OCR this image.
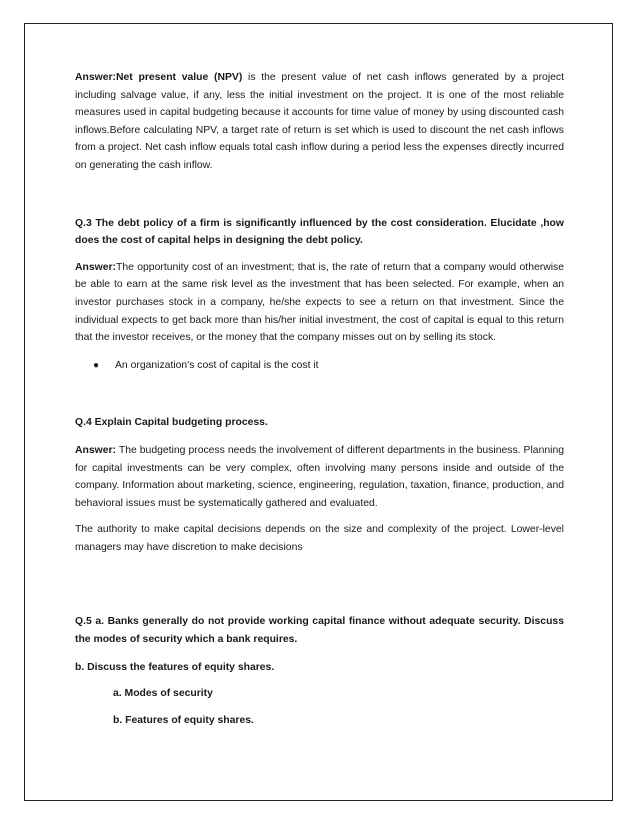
Answer:Net present value (NPV) is the present value of net cash inflows generated by a project including salvage value, if any, less the initial investment on the project. It is one of the most reliable measures used in capital budgeting because it accounts for time value of money by using discounted cash inflows.Before calculating NPV, a target rate of return is set which is used to discount the net cash inflows from a project. Net cash inflow equals total cash inflow during a period less the expenses directly incurred on generating the cash inflow.

Q.3 The debt policy of a firm is significantly influenced by the cost consideration. Elucidate ,how does the cost of capital helps in designing the debt policy.

Answer:The opportunity cost of an investment; that is, the rate of return that a company would otherwise be able to earn at the same risk level as the investment that has been selected. For example, when an investor purchases stock in a company, he/she expects to see a return on that investment. Since the individual expects to get back more than his/her initial investment, the cost of capital is equal to this return that the investor receives, or the money that the company misses out on by selling its stock.

●	An organization's cost of capital is the cost it

Q.4 Explain Capital budgeting process.

Answer: The budgeting process needs the involvement of different departments in the business. Planning for capital investments can be very complex, often involving many persons inside and outside of the company. Information about marketing, science, engineering, regulation, taxation, finance, production, and behavioral issues must be systematically gathered and evaluated.

The authority to make capital decisions depends on the size and complexity of the project. Lower-level managers may have discretion to make decisions

Q.5 a. Banks generally do not provide working capital finance without adequate security. Discuss the modes of security which a bank requires.

b. Discuss the features of equity shares.

a. Modes of security

b. Features of equity shares.
